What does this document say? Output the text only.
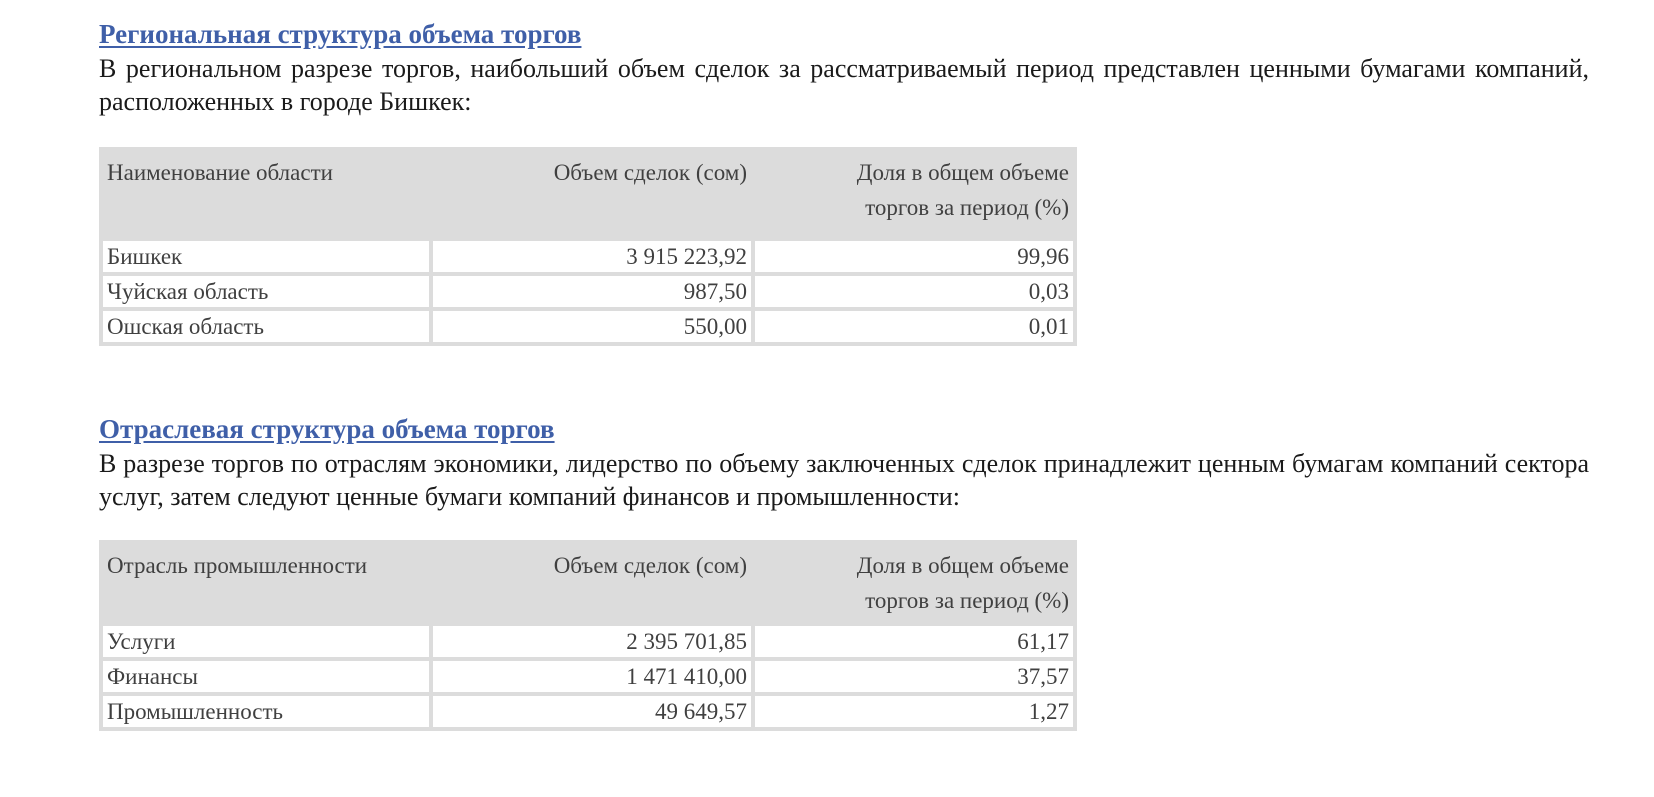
Региональная структура объема торгов

В региональном разрезе торгов, наибольший объем сделок за рассматриваемый период представлен ценными бумагами компаний, расположенных в городе Бишкек:

Наименование области	Объем сделок (сом)	Доля в общем объеме
торгов за период (%)
Бишкек	3 915 223,92	99,96
Чуйская область	987,50	0,03
Ошская область	550,00	0,01
Отраслевая структура объема торгов

В разрезе торгов по отраслям экономики, лидерство по объему заключенных сделок принадлежит ценным бумагам компаний сектора услуг, затем следуют ценные бумаги компаний финансов и промышленности:

Отрасль промышленности	Объем сделок (сом)	Доля в общем объеме
торгов за период (%)
Услуги	2 395 701,85	61,17
Финансы	1 471 410,00	37,57
Промышленность	49 649,57	1,27
